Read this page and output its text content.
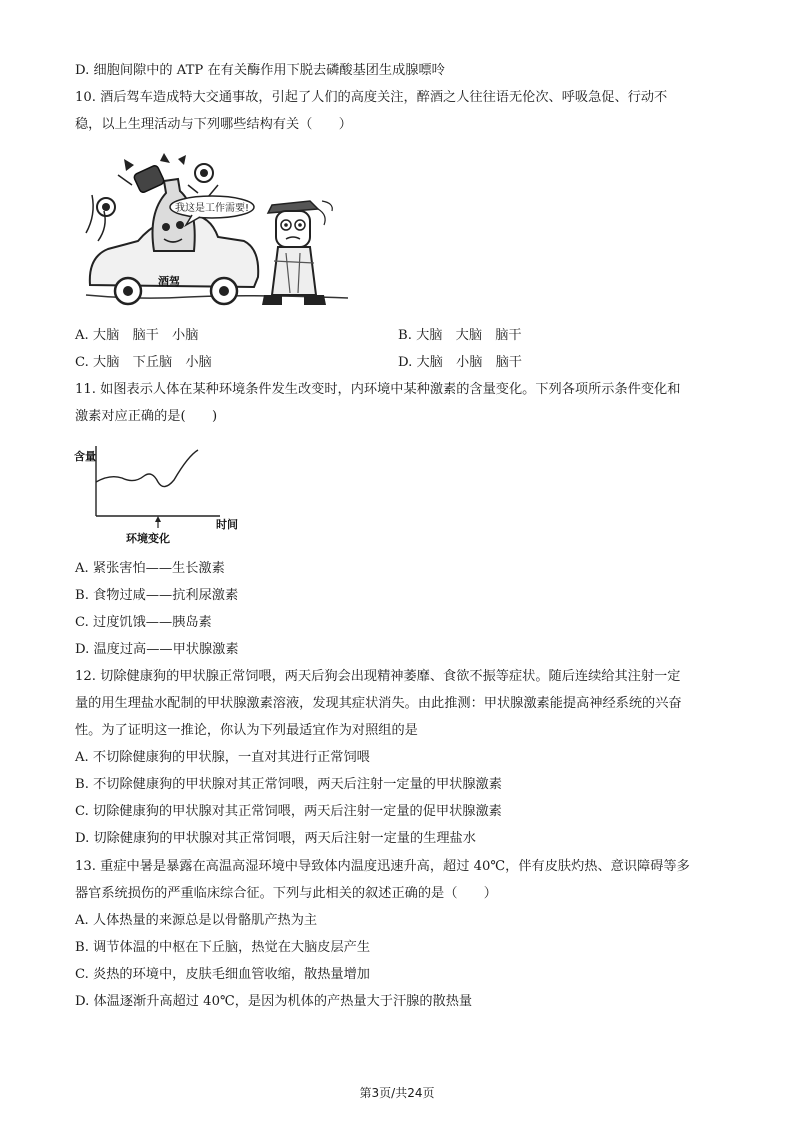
D. 细胞间隙中的 ATP 在有关酶作用下脱去磷酸基团生成腺嘌呤
10. 酒后驾车造成特大交通事故，引起了人们的高度关注，醉酒之人往往语无伦次、呼吸急促、行动不
稳，以上生理活动与下列哪些结构有关（　　）
我这是工作需要!
酒驾
A. 大脑　脑干　小脑	B. 大脑　大脑　脑干
C. 大脑　下丘脑　小脑	D. 大脑　小脑　脑干
11. 如图表示人体在某种环境条件发生改变时，内环境中某种激素的含量变化。下列各项所示条件变化和
激素对应正确的是(　　)
含量
时间
环境变化
A. 紧张害怕——生长激素
B. 食物过咸——抗利尿激素
C. 过度饥饿——胰岛素
D. 温度过高——甲状腺激素
12. 切除健康狗的甲状腺正常饲喂，两天后狗会出现精神萎靡、食欲不振等症状。随后连续给其注射一定
量的用生理盐水配制的甲状腺激素溶液，发现其症状消失。由此推测：甲状腺激素能提高神经系统的兴奋
性。为了证明这一推论，你认为下列最适宜作为对照组的是
A. 不切除健康狗的甲状腺，一直对其进行正常饲喂
B. 不切除健康狗的甲状腺对其正常饲喂，两天后注射一定量的甲状腺激素
C. 切除健康狗的甲状腺对其正常饲喂，两天后注射一定量的促甲状腺激素
D. 切除健康狗的甲状腺对其正常饲喂，两天后注射一定量的生理盐水
13. 重症中暑是暴露在高温高湿环境中导致体内温度迅速升高，超过 40℃，伴有皮肤灼热、意识障碍等多
器官系统损伤的严重临床综合征。下列与此相关的叙述正确的是（　　）
A. 人体热量的来源总是以骨骼肌产热为主
B. 调节体温的中枢在下丘脑，热觉在大脑皮层产生
C. 炎热的环境中，皮肤毛细血管收缩，散热量增加
D. 体温逐渐升高超过 40℃，是因为机体的产热量大于汗腺的散热量
第3页/共24页
